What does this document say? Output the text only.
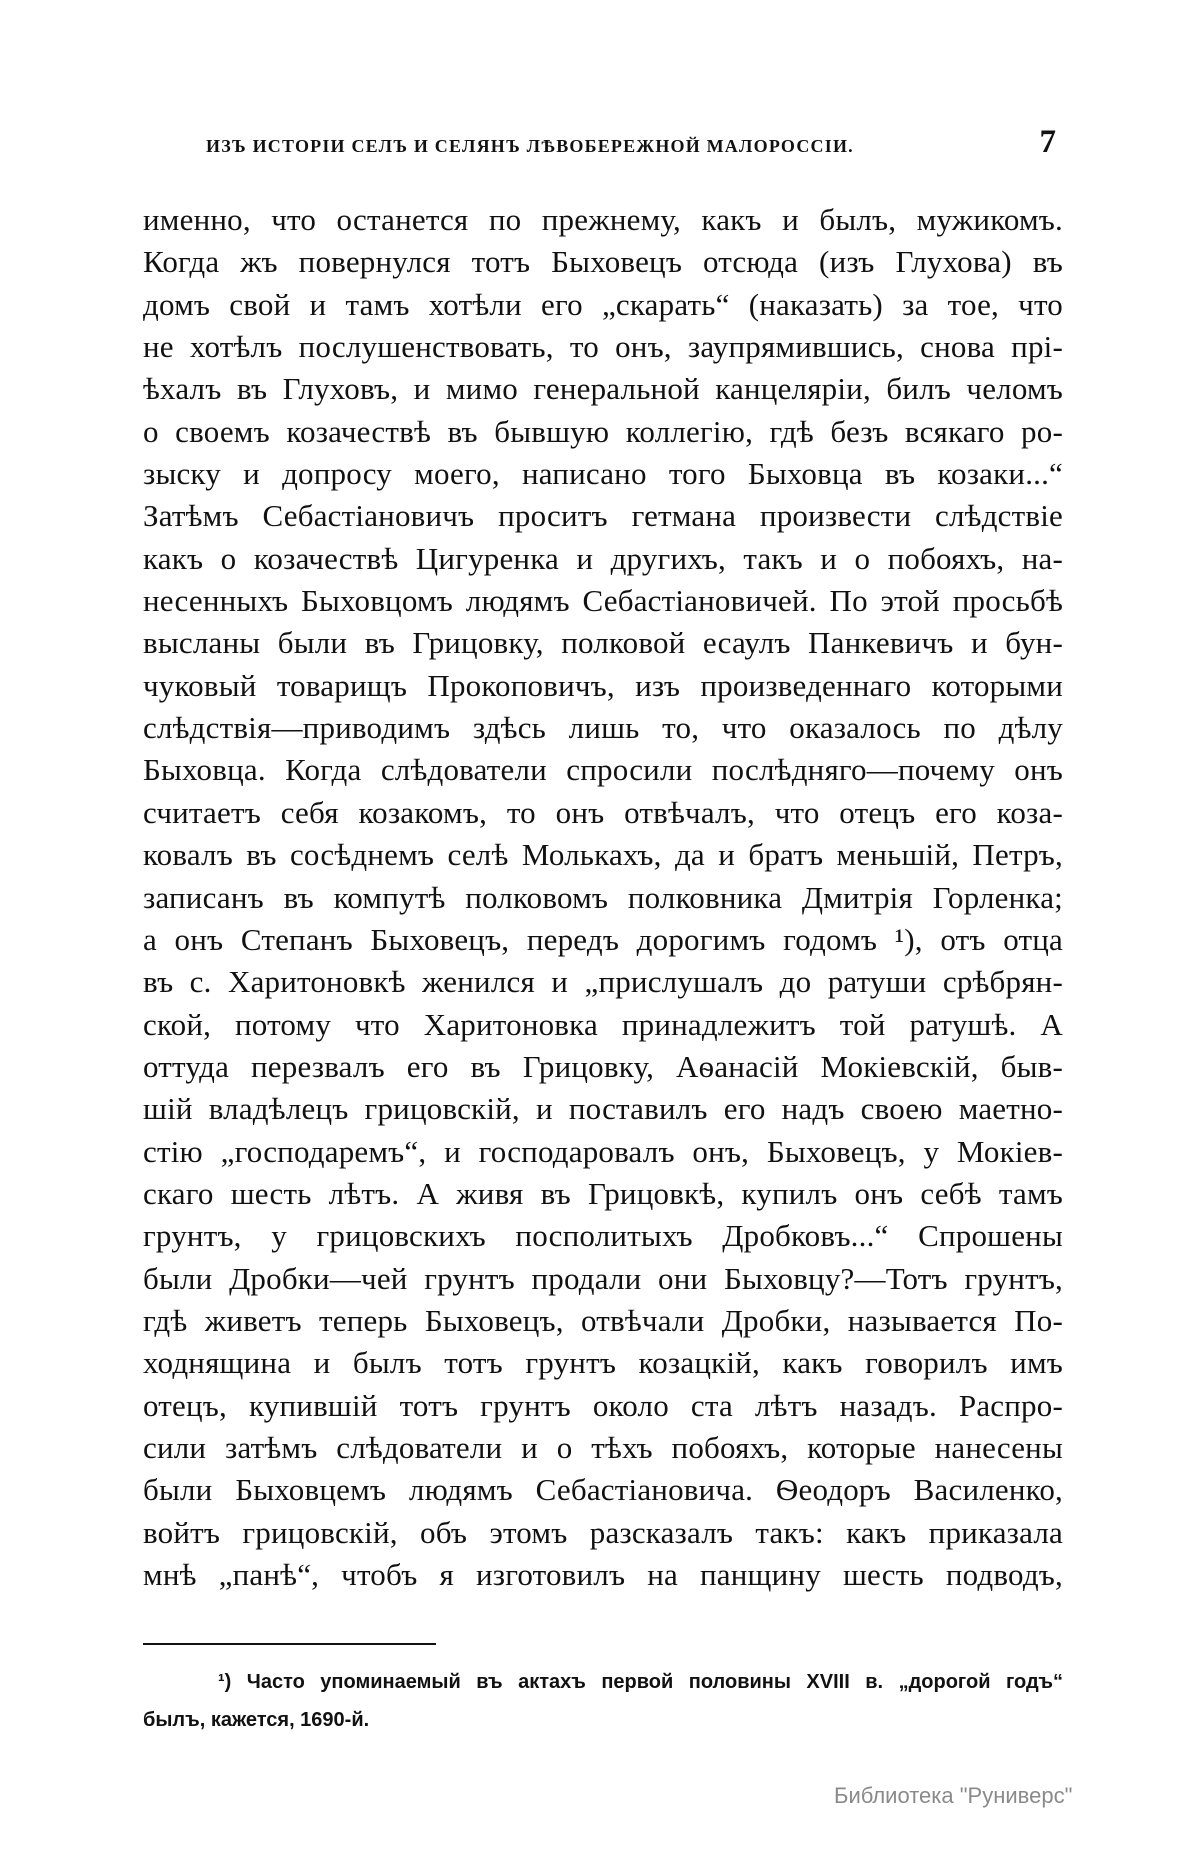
ИЗЪ ИСТОРІИ СЕЛЪ И СЕЛЯНЪ ЛѢВОБЕРЕЖНОЙ МАЛОРОССІИ.	7
именно, что останется по прежнему, какъ и былъ, мужикомъ.
Когда жъ повернулся тотъ Быховецъ отсюда (изъ Глухова) въ
домъ свой и тамъ хотѣли его „скарать“ (наказать) за тое, что
не хотѣлъ послушенствовать, то онъ, заупрямившись, снова прі-
ѣхалъ въ Глуховъ, и мимо генеральной канцеляріи, билъ челомъ
о своемъ козачествѣ въ бывшую коллегію, гдѣ безъ всякаго ро-
зыску и допросу моего, написано того Быховца въ козаки...“
Затѣмъ Себастіановичъ проситъ гетмана произвести слѣдствіе
какъ о козачествѣ Цигуренка и другихъ, такъ и о побояхъ, на-
несенныхъ Быховцомъ людямъ Себастіановичей. По этой просьбѣ
высланы были въ Грицовку, полковой есаулъ Панкевичъ и бун-
чуковый товарищъ Прокоповичъ, изъ произведеннаго которыми
слѣдствія—приводимъ здѣсь лишь то, что оказалось по дѣлу
Быховца. Когда слѣдователи спросили послѣдняго—почему онъ
считаетъ себя козакомъ, то онъ отвѣчалъ, что отецъ его коза-
ковалъ въ сосѣднемъ селѣ Молькахъ, да и братъ меньшій, Петръ,
записанъ въ компутѣ полковомъ полковника Дмитрія Горленка;
а онъ Степанъ Быховецъ, передъ дорогимъ годомъ ¹), отъ отца
въ с. Харитоновкѣ женился и „прислушалъ до ратуши срѣбрян-
ской, потому что Харитоновка принадлежитъ той ратушѣ. А
оттуда перезвалъ его въ Грицовку, Аѳанасій Мокіевскій, быв-
шій владѣлецъ грицовскій, и поставилъ его надъ своею маетно-
стію „господаремъ“, и господаровалъ онъ, Быховецъ, у Мокіев-
скаго шесть лѣтъ. А живя въ Грицовкѣ, купилъ онъ себѣ тамъ
грунтъ, у грицовскихъ посполитыхъ Дробковъ...“ Спрошены
были Дробки—чей грунтъ продали они Быховцу?—Тотъ грунтъ,
гдѣ живетъ теперь Быховецъ, отвѣчали Дробки, называется По-
ходнящина и былъ тотъ грунтъ козацкій, какъ говорилъ имъ
отецъ, купившій тотъ грунтъ около ста лѣтъ назадъ. Распро-
сили затѣмъ слѣдователи и о тѣхъ побояхъ, которые нанесены
были Быховцемъ людямъ Себастіановича. Ѳеодоръ Василенко,
войтъ грицовскій, объ этомъ разсказалъ такъ: какъ приказала
мнѣ „панѣ“, чтобъ я изготовилъ на панщину шесть подводъ,
¹) Часто упоминаемый въ актахъ первой половины XVIII в. „дорогой годъ“
былъ, кажется, 1690-й.
Библиотека "Руниверс"
